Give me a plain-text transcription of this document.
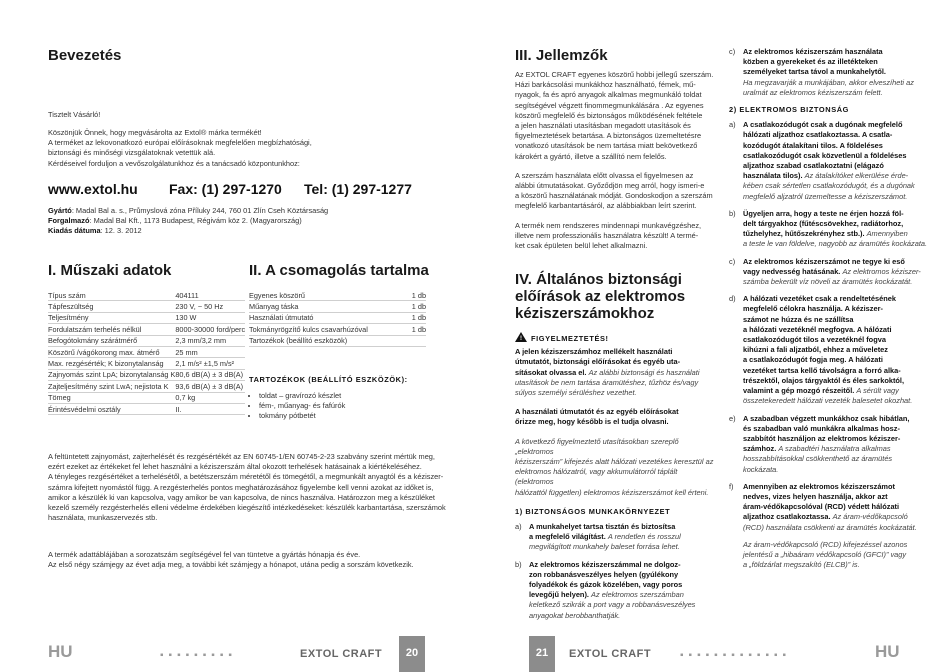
Bevezetés
Tisztelt Vásárló!
Köszönjük Önnek, hogy megvásárolta az Extol® márka termékét!
A terméket az lekovonatkozó európai előírásoknak megfelelően megbízhatósági,
biztonsági és minőségi vizsgálatoknak vetettük alá.
Kérdéseivel forduljon a vevőszolgálatunkhoz és a tanácsadó központunkhoz:
www.extol.hu Fax: (1) 297-1270 Tel: (1) 297-1277
Gyártó: Madal Bal a. s., Průmyslová zóna Příluky 244, 760 01 Zlín Cseh Köztársaság
Forgalmazó: Madal Bal Kft., 1173 Budapest, Régivám köz 2. (Magyarország)
Kiadás dátuma: 12. 3. 2012
I. Műszaki adatok
Típus szám	404111
Tápfeszültség	230 V, ~ 50 Hz
Teljesítmény	130 W
Fordulatszám terhelés nélkül	8000-30000 ford/perc
Befogótokmány szárátmérő	2,3 mm/3,2 mm
Köszörű /vágókorong max. átmérő	25 mm
Max. rezgésérték; K bizonytalanság	2,1 m/s² ±1,5 m/s²
Zajnyomás szint LpA; bizonytalanság K	80,6 dB(A) ± 3 dB(A)
Zajteljesítmény szint LwA; nejistota K	93,6 dB(A) ± 3 dB(A)
Tömeg	0,7 kg
Érintésvédelmi osztály	II.
II. A csomagolás tartalma
Egyenes köszörű	1 db
Műanyag táska	1 db
Használati útmutató	1 db
Tokmányrögzítő kulcs csavarhúzóval	1 db
Tartozékok (beállító eszközök)	
TARTOZÉKOK (BEÁLLÍTÓ ESZKÖZÖK):
• toldat – gravírozó készlet
• fém-, műanyag- és fafúrók
• tokmány pótbetét
A feltüntetett zajnyomást, zajterhelését és rezgésértékét az EN 60745-1/EN 60745-2-23 szabvány szerint mértük meg,
ezért ezeket az értékeket fel lehet használni a kéziszerszám által okozott terhelések hatásainak a kiértékeléséhez.
A tényleges rezgésértéket a terhelésétől, a betétszerszám méretétől és tömegétől, a megmunkált anyagtól és a kéziszer-
számra kifejtett nyomástól függ. A rezgésterhelés pontos meghatározásához figyelembe kell venni azokat az időket is,
amikor a készülék ki van kapcsolva, vagy amikor be van kapcsolva, de nincs használva. Határozzon meg a készüléket
kezelő személy rezgésterhelés elleni védelme érdekében kiegészítő intézkedéseket: készülék karbantartása, szerszámok
használata, munkaszervezés stb.
A termék adattáblájában a sorozatszám segítségével fel van tüntetve a gyártás hónapja és éve.
Az első négy számjegy az évet adja meg, a további két számjegy a hónapot, utána pedig a sorszám következik.
HU	▪▪▪▪▪▪▪▪▪	EXTOL CRAFT	20
III. Jellemzők
Az EXTOL CRAFT egyenes köszörű hobbi jellegű szerszám.
Házi barkácsolási munkákhoz használható, fémek, mű-
nyagok, fa és apró anyagok alkalmas megmunkáló toldat
segítségével végzett finommegmunkálására . Az egyenes
köszörű megfelelő és biztonságos működésének feltétele
a jelen használati utasításban megadott utasítások és
figyelmeztetések betartása. A biztonságos üzemeltetésre
vonatkozó utasítások be nem tartása miatt bekövetkező
károkért a gyártó, illetve a szállító nem felelős.
A szerszám használata előtt olvassa el figyelmesen az
alábbi útmutatásokat. Győződjön meg arról, hogy ismeri-e
a köszörű használatának módját. Gondoskodjon a szerszám
megfelelő karbantartásáról, az alábbiakban leírt szerint.
A termék nem rendszeres mindennapi munkavégzéshez,
illetve nem professzionális használatra készült! A termé-
ket csak épületen belül lehet alkalmazni.
IV. Általános biztonsági
előírások az elektromos
kéziszerszámokhoz
! FIGYELMEZTETÉS!
A jelen kéziszerszámhoz mellékelt használati
útmutatót, biztonsági előírásokat és egyéb uta-
sításokat olvassa el. Az alábbi biztonsági és használati
utasítások be nem tartása áramütéshez, tűzhöz és/vagy
súlyos személyi sérüléshez vezethet.
A használati útmutatót és az egyéb előírásokat
őrizze meg, hogy később is el tudja olvasni.
A következő figyelmeztető utasításokban szereplő „elektromos
kéziszerszám” kifejezés alatt hálózati vezetékes keresztül az
elektromos hálózatról, vagy akkumulátorról táplált (elektromos
hálózattól független) elektromos kéziszerszámot kell érteni.
1) BIZTONSÁGOS MUNKAKÖRNYEZET
a) A munkahelyet tartsa tisztán és biztosítsa
a megfelelő világítást. A rendetlen és rosszul
megvilágított munkahely baleset forrása lehet.
b) Az elektromos kéziszerszámmal ne dolgoz-
zon robbanásveszélyes helyen (gyúlékony
folyadékok és gázok közelében, vagy poros
levegőjű helyen). Az elektromos szerszámban
keletkező szikrák a port vagy a robbanásveszélyes
anyagokat berobbanthatják.
c) Az elektromos kéziszerszám használata
közben a gyerekeket és az illetékteken
személyeket tartsa távol a munkahelytől.
Ha megzavarják a munkájában, akkor elveszíheti az
uralmát az elektromos kéziszerszám felett.
2) ELEKTROMOS BIZTONSÁG
a) A csatlakozódugót csak a dugónak megfelelő
hálózati aljzathoz csatlakoztassa. A csatla-
kozódugót átalakítani tilos. A földeléses
csatlakozódugót csak közvetlenül a földeléses
aljzathoz szabad csatlakoztatni (elágazó
használata tilos). Az átalakítóket elkerülése érde-
kében csak sértetlen csatlakozódugót, és a dugónak
megfelelő aljzatról üzemeltesse a kéziszerszámot.
b) Ügyeljen arra, hogy a teste ne érjen hozzá föl-
delt tárgyakhoz (fűtéscsövekhez, radiátorhoz,
tűzhelyhez, hűtőszekrényhez stb.). Amennyiben
a teste le van földelve, nagyobb az áramütés kockázata.
c) Az elektromos kéziszerszámot ne tegye ki eső
vagy nedvesség hatásának. Az elektromos kéziszer-
számba bekerült víz növeli az áramütés kockázatát.
d) A hálózati vezetéket csak a rendeltetésének
megfelelő célokra használja. A kéziszer-
számot ne húzza és ne szállítsa
a hálózati vezetéknél megfogva. A hálózati
csatlakozódugót tilos a vezetéknél fogva
kihúzni a fali aljzatból, ehhez a műveletez
a csatlakozódugót fogja meg. A hálózati
vezetéket tartsa kellő távolságra a forró alka-
trészektől, olajos tárgyaktól és éles sarkoktól,
valamint a gép mozgó részeitől. A sérült vagy
összetekeredett hálózati vezeték balesetet okozhat.
e) A szabadban végzett munkákhoz csak hibátlan,
és szabadban való munkákra alkalmas hosz-
szabbítót használjon az elektromos kéziszer-
számhoz. A szabadtéri használatra alkalmas
hosszabbításokkal csökkenthető az áramütés kockázata.
f) Amennyiben az elektromos kéziszerszámot
nedves, vizes helyen használja, akkor azt
áram-védőkapcsolóval (RCD) védett hálózati
aljzathoz csatlakoztassa. Az áram-védőkapcsoló
(RCD) használata csökkenti az áramütés kockázatát.
Az áram-védőkapcsoló (RCD) kifejezéssel azonos
jelentésű a „hibaáram védőkapcsoló (GFCI)” vagy
a „földzárlat megszakító (ELCB)” is.
21	EXTOL CRAFT	▪▪▪▪▪▪▪▪▪▪▪▪▪	HU
